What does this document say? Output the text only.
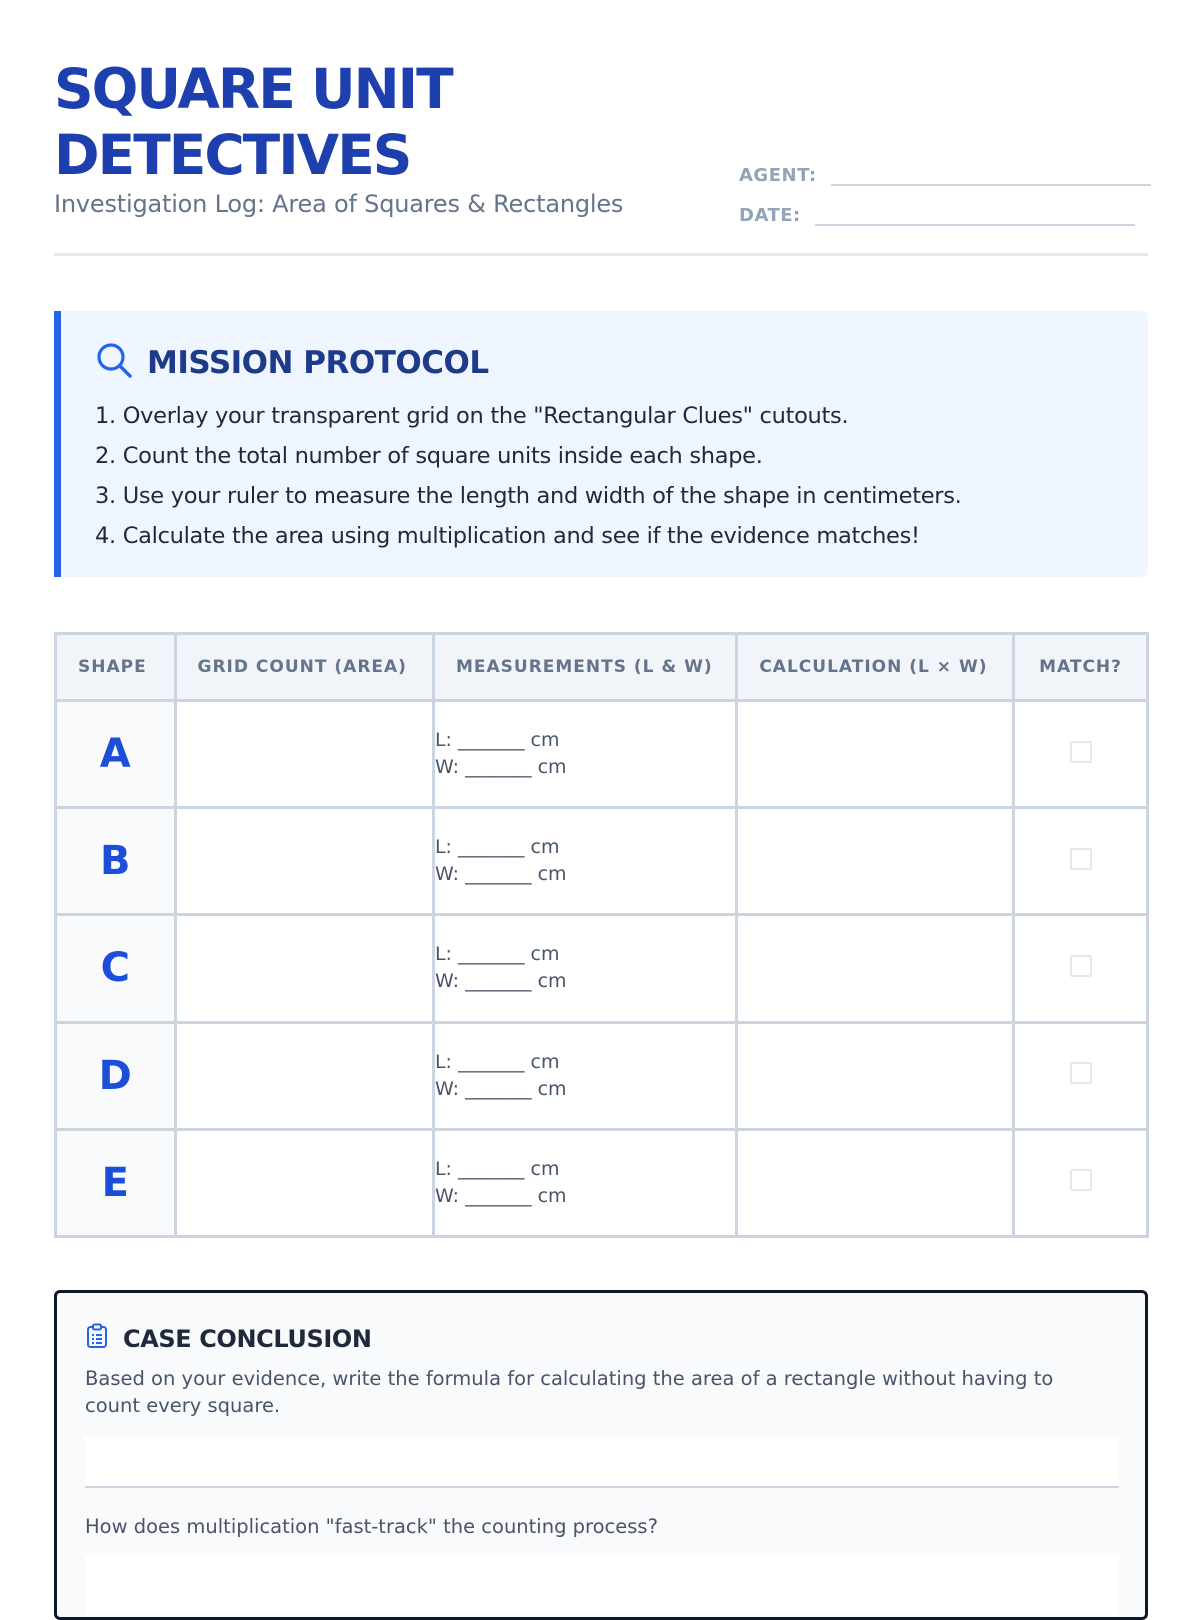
SQUARE UNIT DETECTIVES
Investigation Log: Area of Squares & Rectangles
AGENT:
DATE:
MISSION PROTOCOL
1. Overlay your transparent grid on the "Rectangular Clues" cutouts.
2. Count the total number of square units inside each shape.
3. Use your ruler to measure the length and width of the shape in centimeters.
4. Calculate the area using multiplication and see if the evidence matches!
SHAPE	GRID COUNT (AREA)	MEASUREMENTS (L & W)	CALCULATION (L × W)	MATCH?
A		L: _______ cm
W: _______ cm		

B		L: _______ cm
W: _______ cm		

C		L: _______ cm
W: _______ cm		

D		L: _______ cm
W: _______ cm		

E		L: _______ cm
W: _______ cm		

CASE CONCLUSION
Based on your evidence, write the formula for calculating the area of a rectangle without having to count every square.
How does multiplication "fast-track" the counting process?
